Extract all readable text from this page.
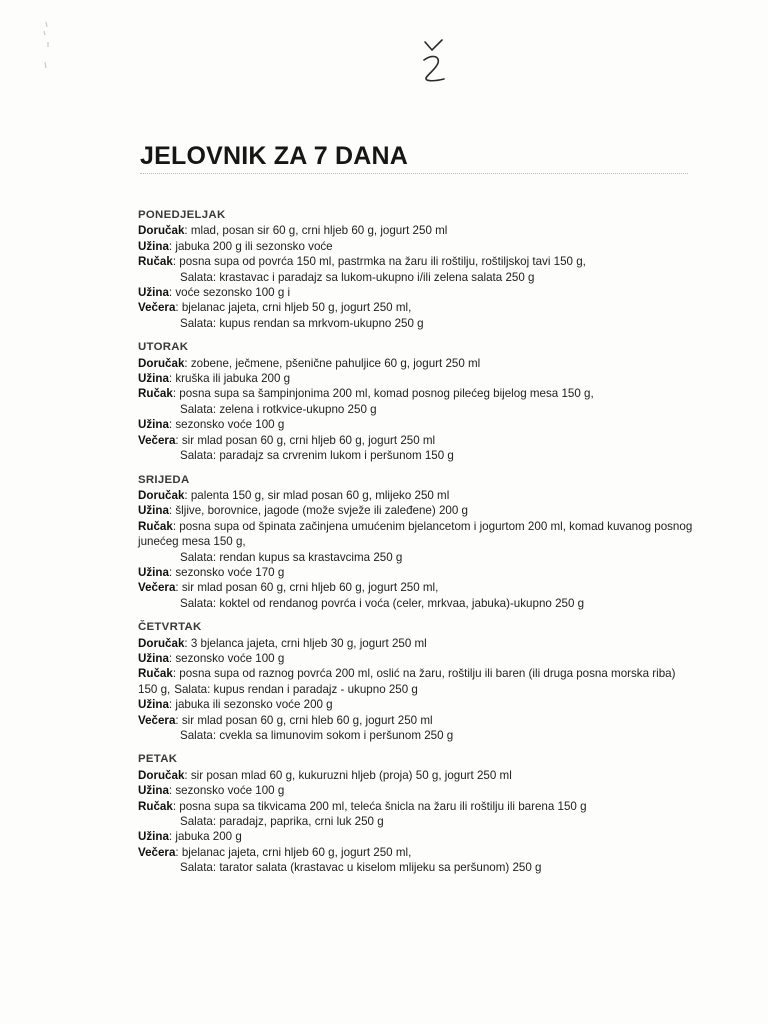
JELOVNIK ZA 7 DANA
PONEDJELJAK
Doručak: mlad, posan sir 60 g, crni hljeb 60 g, jogurt 250 ml
Užina: jabuka 200 g ili sezonsko voće
Ručak: posna supa od povrća 150 ml, pastrmka na žaru ili roštilju, roštiljskoj tavi 150 g,
Salata: krastavac i paradajz sa lukom-ukupno i/ili zelena salata 250 g
Užina: voće sezonsko 100 g i
Večera: bjelanac jajeta, crni hljeb 50 g, jogurt 250 ml,
Salata: kupus rendan sa mrkvom-ukupno 250 g
UTORAK
Doručak: zobene, ječmene, pšenične pahuljice 60 g, jogurt 250 ml
Užina: kruška ili jabuka 200 g
Ručak: posna supa sa šampinjonima 200 ml, komad posnog pilećeg bijelog mesa 150 g,
Salata: zelena i rotkvice-ukupno 250 g
Užina: sezonsko voće 100 g
Večera: sir mlad posan 60 g, crni hljeb 60 g, jogurt 250 ml
Salata: paradajz sa crvrenim lukom i peršunom 150 g
SRIJEDA
Doručak: palenta 150 g, sir mlad posan 60 g, mlijeko 250 ml
Užina: šljive, borovnice, jagode (može svježe ili zaleđene) 200 g
Ručak: posna supa od špinata začinjena umućenim bjelancetom i jogurtom 200 ml, komad kuvanog posnog junećeg mesa 150 g,
Salata: rendan kupus sa krastavcima 250 g
Užina: sezonsko voće 170 g
Večera: sir mlad posan 60 g, crni hljeb 60 g, jogurt 250 ml,
Salata: koktel od rendanog povrća i voća (celer, mrkvaa, jabuka)-ukupno 250 g
ČETVRTAK
Doručak: 3 bjelanca jajeta, crni hljeb 30 g, jogurt 250 ml
Užina: sezonsko voće 100 g
Ručak: posna supa od raznog povrća 200 ml, oslić na žaru, roštilju ili baren (ili druga posna morska riba) 150 g, Salata: kupus rendan i paradajz - ukupno 250 g
Užina: jabuka ili sezonsko voće 200 g
Večera: sir mlad posan 60 g, crni hleb 60 g, jogurt 250 ml
Salata: cvekla sa limunovim sokom i peršunom 250 g
PETAK
Doručak: sir posan mlad 60 g, kukuruzni hljeb (proja) 50 g, jogurt 250 ml
Užina: sezonsko voće 100 g
Ručak: posna supa sa tikvicama 200 ml, teleća šnicla na žaru ili roštilju ili barena 150 g
Salata: paradajz, paprika, crni luk 250 g
Užina: jabuka 200 g
Večera: bjelanac jajeta, crni hljeb 60 g, jogurt 250 ml,
Salata: tarator salata (krastavac u kiselom mlijeku sa peršunom) 250 g
